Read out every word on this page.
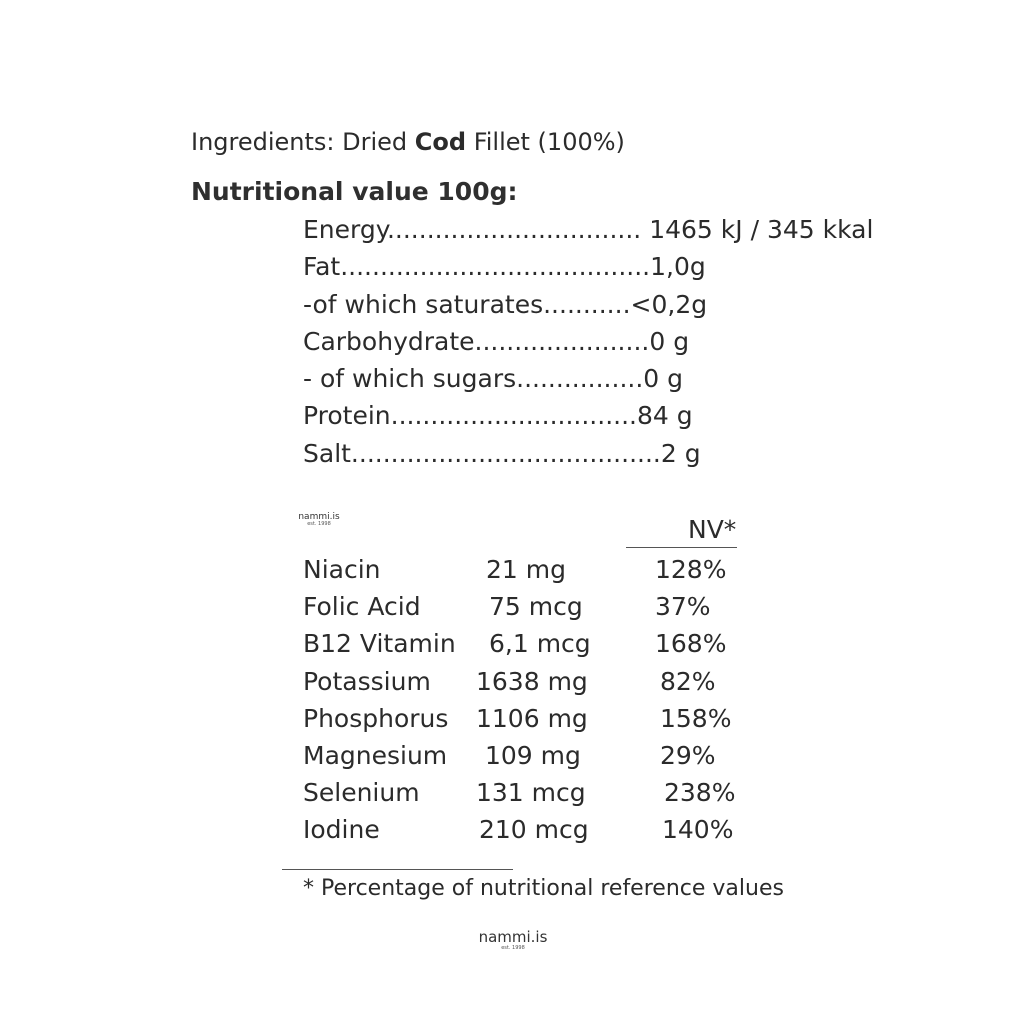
Ingredients: Dried Cod Fillet (100%)
Nutritional value 100g:
Energy................................ 1465 kJ / 345 kkal
Fat.......................................1,0g
-of which saturates...........<0,2g
Carbohydrate......................0 g
- of which sugars................0 g
Protein...............................84 g
Salt.......................................2 g
nammi.is
est. 1998	NV*
Niacin	21 mg	128%
Folic Acid	75 mcg	37%
B12 Vitamin 6,1 mcg	168%
Potassium 1638 mg	82%
Phosphorus 1106 mg	158%
Magnesium 109 mg	29%
Selenium 131 mcg	238%
Iodine	210 mcg	140%
* Percentage of nutritional reference values
nammi.is
est. 1998
